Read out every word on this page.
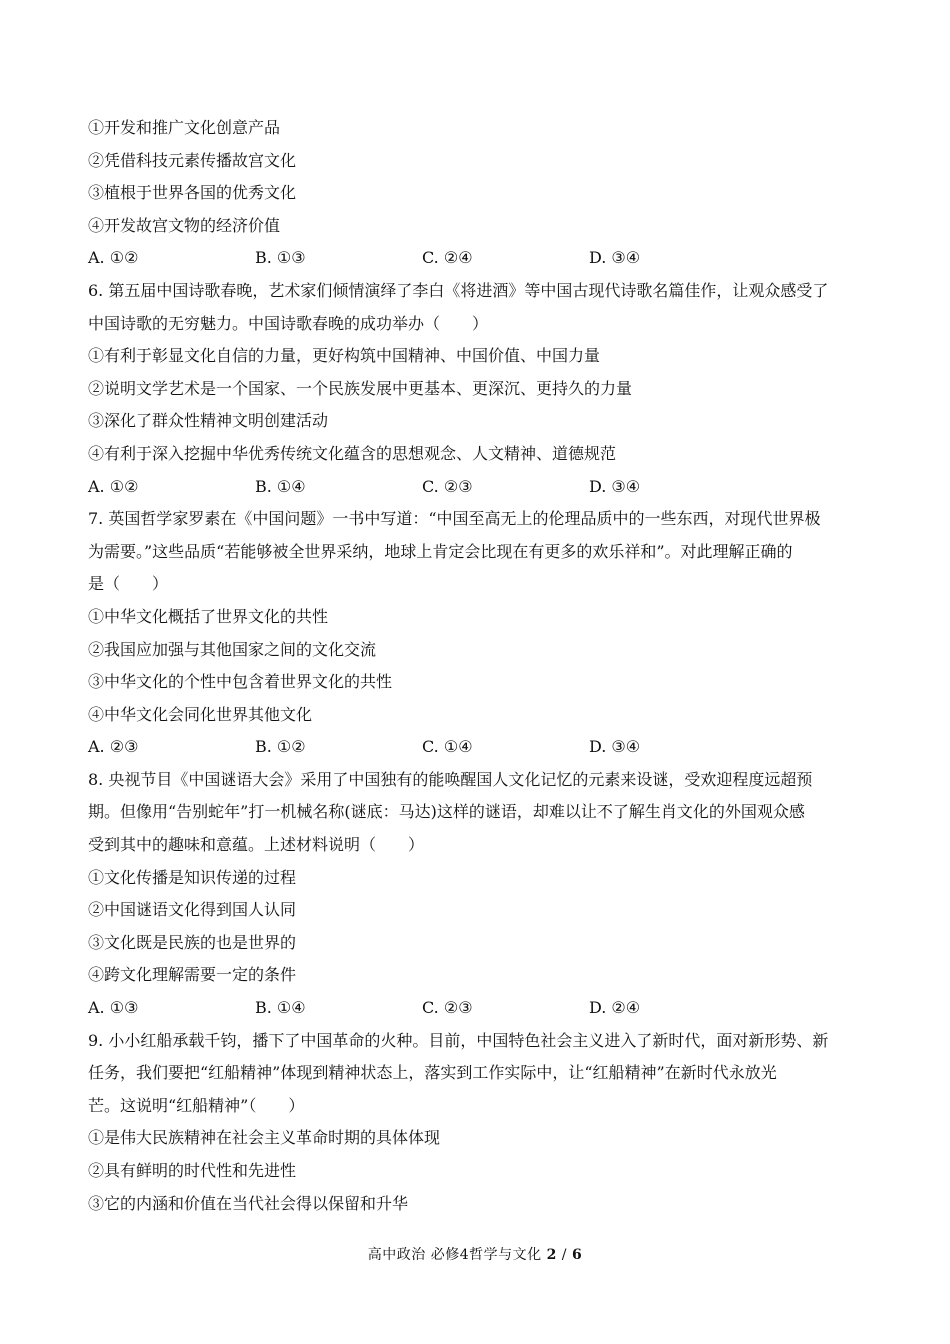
①开发和推广文化创意产品
②凭借科技元素传播故宫文化
③植根于世界各国的优秀文化
④开发故宫文物的经济价值
A. ①②	B. ①③	C. ②④	D. ③④
6. 第五届中国诗歌春晚，艺术家们倾情演绎了李白《将进酒》等中国古现代诗歌名篇佳作，让观众感受了
中国诗歌的无穷魅力。中国诗歌春晚的成功举办（　　）
①有利于彰显文化自信的力量，更好构筑中国精神、中国价值、中国力量
②说明文学艺术是一个国家、一个民族发展中更基本、更深沉、更持久的力量
③深化了群众性精神文明创建活动
④有利于深入挖掘中华优秀传统文化蕴含的思想观念、人文精神、道德规范
A. ①②	B. ①④	C. ②③	D. ③④
7. 英国哲学家罗素在《中国问题》一书中写道：“中国至高无上的伦理品质中的一些东西，对现代世界极
为需要。”这些品质“若能够被全世界采纳，地球上肯定会比现在有更多的欢乐祥和”。对此理解正确的
是（　　）
①中华文化概括了世界文化的共性
②我国应加强与其他国家之间的文化交流
③中华文化的个性中包含着世界文化的共性
④中华文化会同化世界其他文化
A. ②③	B. ①②	C. ①④	D. ③④
8. 央视节目《中国谜语大会》采用了中国独有的能唤醒国人文化记忆的元素来设谜，受欢迎程度远超预
期。但像用“告别蛇年”打一机械名称(谜底：马达)这样的谜语，却难以让不了解生肖文化的外国观众感
受到其中的趣味和意蕴。上述材料说明（　　）
①文化传播是知识传递的过程
②中国谜语文化得到国人认同
③文化既是民族的也是世界的
④跨文化理解需要一定的条件
A. ①③	B. ①④	C. ②③	D. ②④
9. 小小红船承载千钧，播下了中国革命的火种。目前，中国特色社会主义进入了新时代，面对新形势、新
任务，我们要把“红船精神”体现到精神状态上，落实到工作实际中，让“红船精神”在新时代永放光
芒。这说明“红船精神”（　　）
①是伟大民族精神在社会主义革命时期的具体体现
②具有鲜明的时代性和先进性
③它的内涵和价值在当代社会得以保留和升华
高中政治 必修4哲学与文化 2 / 6
